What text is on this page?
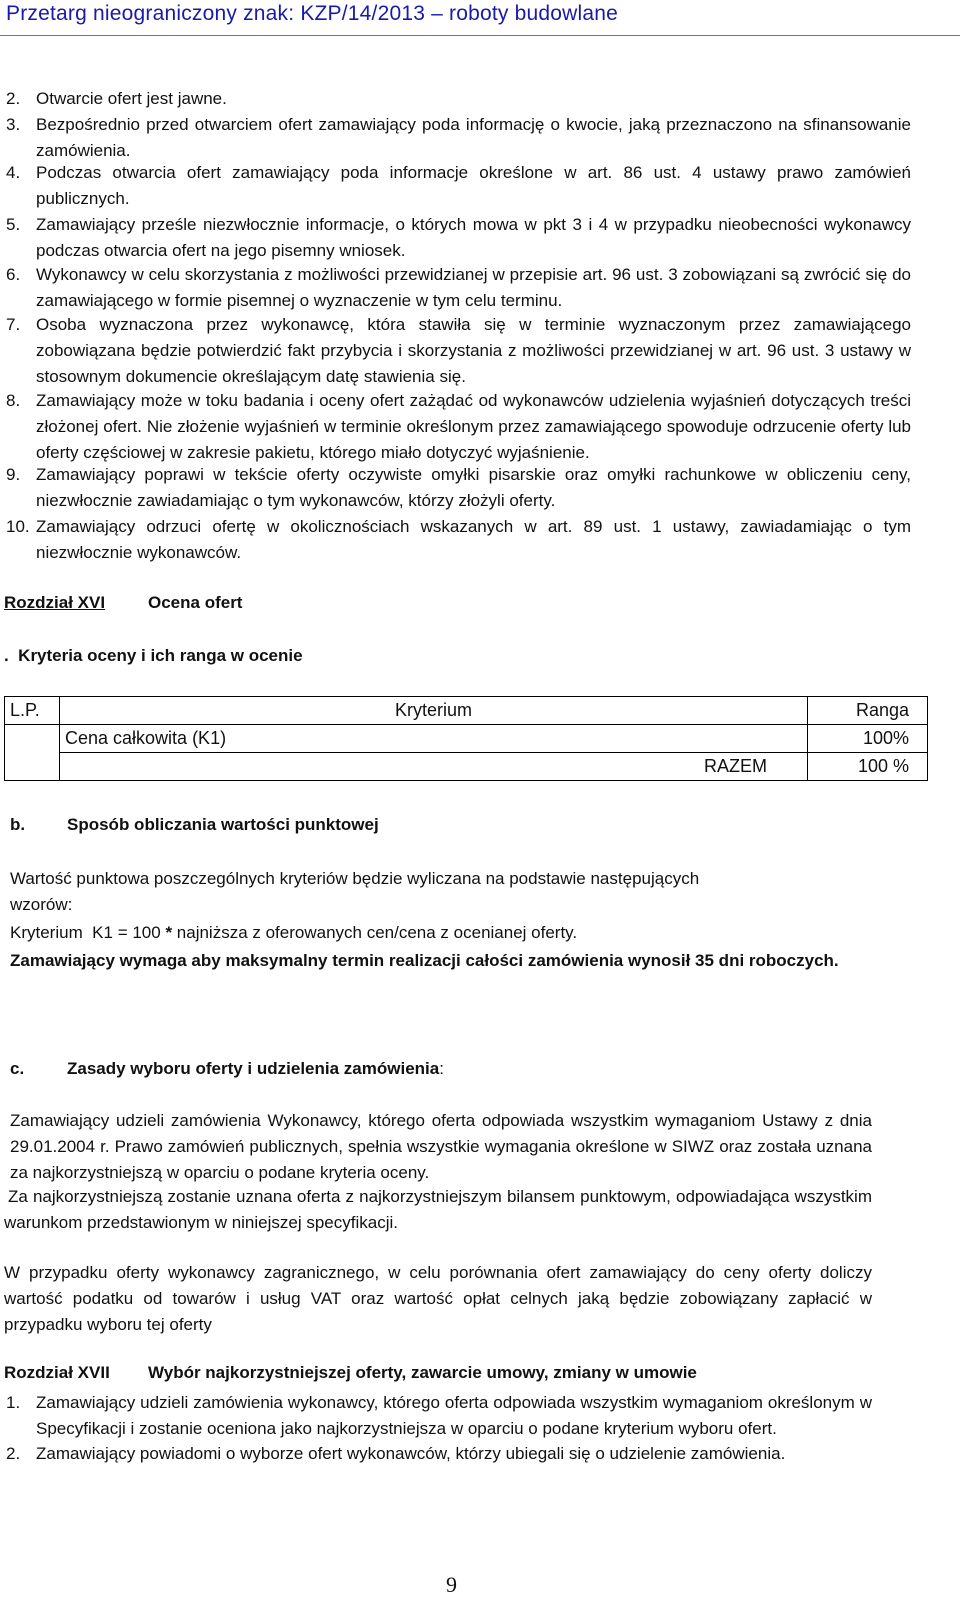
Przetarg nieograniczony znak: KZP/14/2013 – roboty budowlane
2. Otwarcie ofert jest jawne.
3. Bezpośrednio przed otwarciem ofert zamawiający poda informację o kwocie, jaką przeznaczono na sfinansowanie zamówienia.
4. Podczas otwarcia ofert zamawiający poda informacje określone w art. 86 ust. 4 ustawy prawo zamówień publicznych.
5. Zamawiający prześle niezwłocznie informacje, o których mowa w pkt 3 i 4 w przypadku nieobecności wykonawcy podczas otwarcia ofert na jego pisemny wniosek.
6. Wykonawcy w celu skorzystania z możliwości przewidzianej w przepisie art. 96 ust. 3 zobowiązani są zwrócić się do zamawiającego w formie pisemnej o wyznaczenie w tym celu terminu.
7. Osoba wyznaczona przez wykonawcę, która stawiła się w terminie wyznaczonym przez zamawiającego zobowiązana będzie potwierdzić fakt przybycia i skorzystania z możliwości przewidzianej w art. 96 ust. 3 ustawy w stosownym dokumencie określającym datę stawienia się.
8. Zamawiający może w toku badania i oceny ofert zażądać od wykonawców udzielenia wyjaśnień dotyczących treści złożonej ofert. Nie złożenie wyjaśnień w terminie określonym przez zamawiającego spowoduje odrzucenie oferty lub oferty częściowej w zakresie pakietu, którego miało dotyczyć wyjaśnienie.
9. Zamawiający poprawi w tekście oferty oczywiste omyłki pisarskie oraz omyłki rachunkowe w obliczeniu ceny, niezwłocznie zawiadamiając o tym wykonawców, którzy złożyli oferty.
10. Zamawiający odrzuci ofertę w okolicznościach wskazanych w art. 89 ust. 1 ustawy, zawiadamiając o tym niezwłocznie wykonawców.
Rozdział XVI	Ocena ofert
.  Kryteria oceny i ich ranga w ocenie
L.P.	Kryterium	Ranga
	Cena całkowita (K1)	100%
	RAZEM	100 %
b. Sposób obliczania wartości punktowej
Wartość punktowa poszczególnych kryteriów będzie wyliczana na podstawie następujących wzorów:
Kryterium  K1 = 100 * najniższa z oferowanych cen/cena z ocenianej oferty.
Zamawiający wymaga aby maksymalny termin realizacji całości zamówienia wynosił 35 dni roboczych.
c.	Zasady wyboru oferty i udzielenia zamówienia:
Zamawiający udzieli zamówienia Wykonawcy, którego oferta odpowiada wszystkim wymaganiom Ustawy z dnia 29.01.2004 r. Prawo zamówień publicznych, spełnia wszystkie wymagania określone w SIWZ oraz została uznana za najkorzystniejszą w oparciu o podane kryteria oceny.
Za najkorzystniejszą zostanie uznana oferta z najkorzystniejszym bilansem punktowym, odpowiadająca wszystkim warunkom przedstawionym w niniejszej specyfikacji.
W przypadku oferty wykonawcy zagranicznego, w celu porównania ofert zamawiający do ceny oferty doliczy wartość podatku od towarów i usług VAT oraz wartość opłat celnych jaką będzie zobowiązany zapłacić w przypadku wyboru tej oferty
Rozdział XVII Wybór najkorzystniejszej oferty, zawarcie umowy, zmiany w umowie
1. Zamawiający udzieli zamówienia wykonawcy, którego oferta odpowiada wszystkim wymaganiom określonym w Specyfikacji i zostanie oceniona jako najkorzystniejsza w oparciu o podane kryterium wyboru ofert.
2. Zamawiający powiadomi o wyborze ofert wykonawców, którzy ubiegali się o udzielenie zamówienia.
9
